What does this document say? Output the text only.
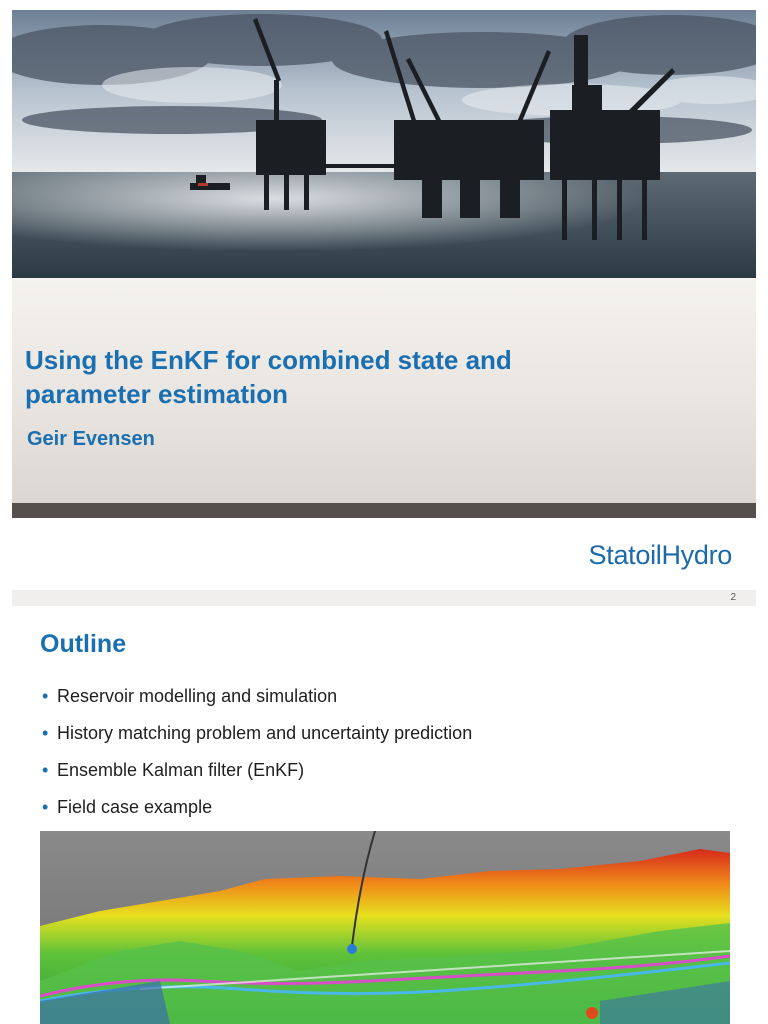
Using the EnKF for combined state and parameter estimation

Geir Evensen

StatoilHydro
2
Outline
• Reservoir modelling and simulation
• History matching problem and uncertainty prediction
• Ensemble Kalman filter (EnKF)
• Field case example
